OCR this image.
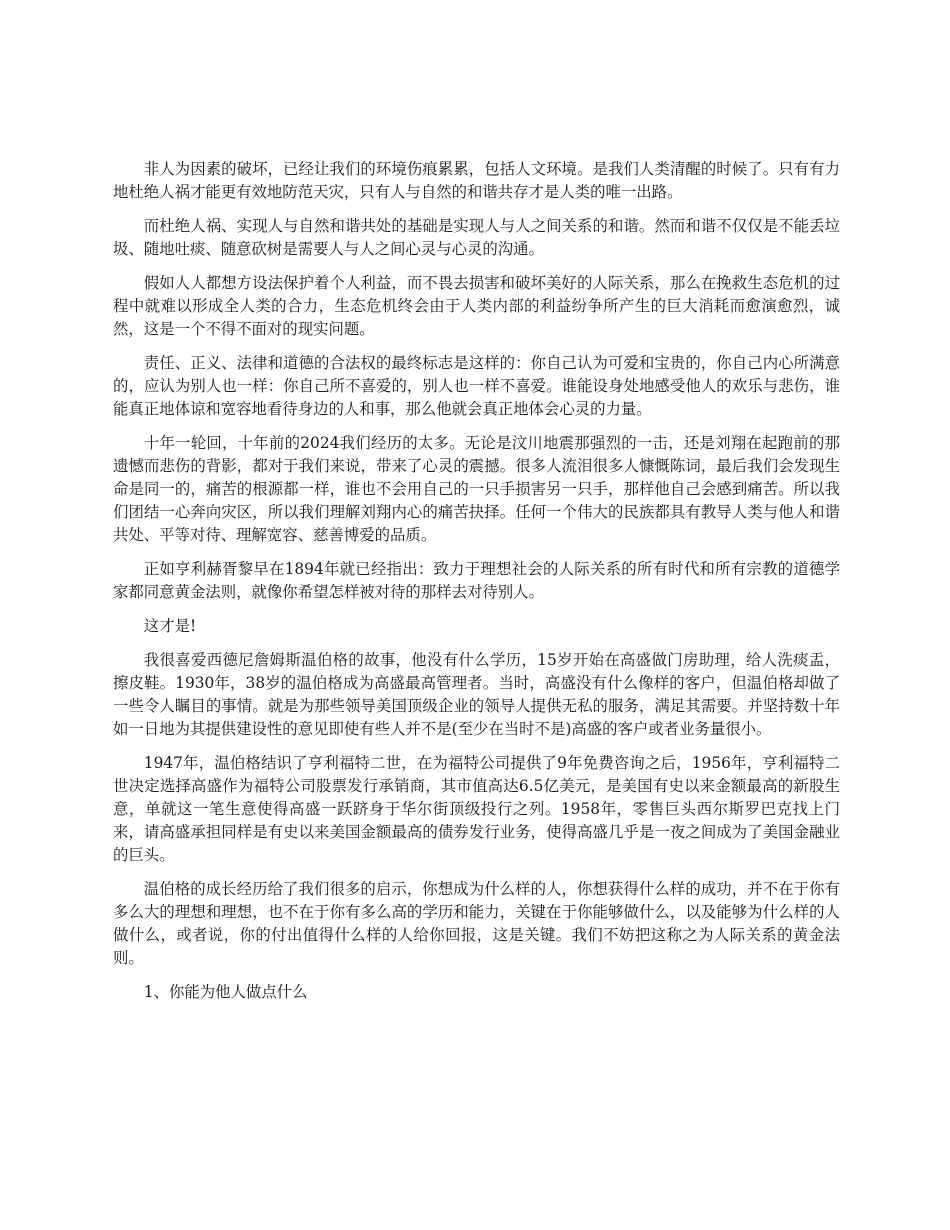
非人为因素的破坏，已经让我们的环境伤痕累累，包括人文环境。是我们人类清醒的时候了。只有有力地杜绝人祸才能更有效地防范天灾，只有人与自然的和谐共存才是人类的唯一出路。

而杜绝人祸、实现人与自然和谐共处的基础是实现人与人之间关系的和谐。然而和谐不仅仅是不能丢垃圾、随地吐痰、随意砍树是需要人与人之间心灵与心灵的沟通。

假如人人都想方设法保护着个人利益，而不畏去损害和破坏美好的人际关系，那么在挽救生态危机的过程中就难以形成全人类的合力，生态危机终会由于人类内部的利益纷争所产生的巨大消耗而愈演愈烈，诚然，这是一个不得不面对的现实问题。

责任、正义、法律和道德的合法权的最终标志是这样的：你自己认为可爱和宝贵的，你自己内心所满意的，应认为别人也一样：你自己所不喜爱的，别人也一样不喜爱。谁能设身处地感受他人的欢乐与悲伤，谁能真正地体谅和宽容地看待身边的人和事，那么他就会真正地体会心灵的力量。

十年一轮回，十年前的2024我们经历的太多。无论是汶川地震那强烈的一击，还是刘翔在起跑前的那遗憾而悲伤的背影，都对于我们来说，带来了心灵的震撼。很多人流泪很多人慷慨陈词，最后我们会发现生命是同一的，痛苦的根源都一样，谁也不会用自己的一只手损害另一只手，那样他自己会感到痛苦。所以我们团结一心奔向灾区，所以我们理解刘翔内心的痛苦抉择。任何一个伟大的民族都具有教导人类与他人和谐共处、平等对待、理解宽容、慈善博爱的品质。

正如亨利赫胥黎早在1894年就已经指出：致力于理想社会的人际关系的所有时代和所有宗教的道德学家都同意黄金法则，就像你希望怎样被对待的那样去对待别人。

这才是!

我很喜爱西德尼詹姆斯温伯格的故事，他没有什么学历，15岁开始在高盛做门房助理，给人洗痰盂，擦皮鞋。1930年，38岁的温伯格成为高盛最高管理者。当时，高盛没有什么像样的客户，但温伯格却做了一些令人瞩目的事情。就是为那些领导美国顶级企业的领导人提供无私的服务，满足其需要。并坚持数十年如一日地为其提供建设性的意见即使有些人并不是(至少在当时不是)高盛的客户或者业务量很小。

1947年，温伯格结识了亨利福特二世，在为福特公司提供了9年免费咨询之后，1956年，亨利福特二世决定选择高盛作为福特公司股票发行承销商，其市值高达6.5亿美元，是美国有史以来金额最高的新股生意，单就这一笔生意使得高盛一跃跻身于华尔街顶级投行之列。1958年，零售巨头西尔斯罗巴克找上门来，请高盛承担同样是有史以来美国金额最高的债券发行业务，使得高盛几乎是一夜之间成为了美国金融业的巨头。

温伯格的成长经历给了我们很多的启示，你想成为什么样的人，你想获得什么样的成功，并不在于你有多么大的理想和理想，也不在于你有多么高的学历和能力，关键在于你能够做什么，以及能够为什么样的人做什么，或者说，你的付出值得什么样的人给你回报，这是关键。我们不妨把这称之为人际关系的黄金法则。

1、你能为他人做点什么
